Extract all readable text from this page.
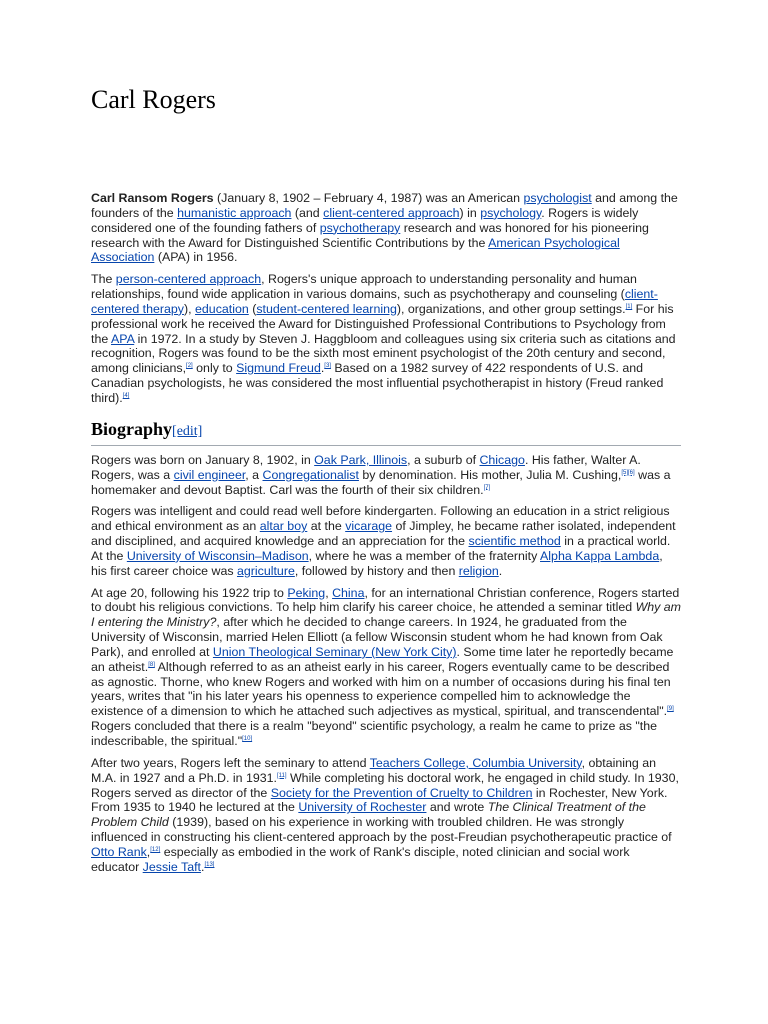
Carl Rogers

Carl Ransom Rogers (January 8, 1902 – February 4, 1987) was an American psychologist and among the founders of the humanistic approach (and client-centered approach) in psychology. Rogers is widely considered one of the founding fathers of psychotherapy research and was honored for his pioneering research with the Award for Distinguished Scientific Contributions by the American Psychological Association (APA) in 1956.

The person-centered approach, Rogers's unique approach to understanding personality and human relationships, found wide application in various domains, such as psychotherapy and counseling (client-centered therapy), education (student-centered learning), organizations, and other group settings.[1] For his professional work he received the Award for Distinguished Professional Contributions to Psychology from the APA in 1972. In a study by Steven J. Haggbloom and colleagues using six criteria such as citations and recognition, Rogers was found to be the sixth most eminent psychologist of the 20th century and second, among clinicians,[2] only to Sigmund Freud.[3] Based on a 1982 survey of 422 respondents of U.S. and Canadian psychologists, he was considered the most influential psychotherapist in history (Freud ranked third).[4]

Biography[edit]

Rogers was born on January 8, 1902, in Oak Park, Illinois, a suburb of Chicago. His father, Walter A. Rogers, was a civil engineer, a Congregationalist by denomination. His mother, Julia M. Cushing,[5][6] was a homemaker and devout Baptist. Carl was the fourth of their six children.[7]

Rogers was intelligent and could read well before kindergarten. Following an education in a strict religious and ethical environment as an altar boy at the vicarage of Jimpley, he became rather isolated, independent and disciplined, and acquired knowledge and an appreciation for the scientific method in a practical world. At the University of Wisconsin–Madison, where he was a member of the fraternity Alpha Kappa Lambda, his first career choice was agriculture, followed by history and then religion.

At age 20, following his 1922 trip to Peking, China, for an international Christian conference, Rogers started to doubt his religious convictions. To help him clarify his career choice, he attended a seminar titled Why am I entering the Ministry?, after which he decided to change careers. In 1924, he graduated from the University of Wisconsin, married Helen Elliott (a fellow Wisconsin student whom he had known from Oak Park), and enrolled at Union Theological Seminary (New York City). Some time later he reportedly became an atheist.[8] Although referred to as an atheist early in his career, Rogers eventually came to be described as agnostic. Thorne, who knew Rogers and worked with him on a number of occasions during his final ten years, writes that "in his later years his openness to experience compelled him to acknowledge the existence of a dimension to which he attached such adjectives as mystical, spiritual, and transcendental".[9] Rogers concluded that there is a realm "beyond" scientific psychology, a realm he came to prize as "the indescribable, the spiritual."[10]

After two years, Rogers left the seminary to attend Teachers College, Columbia University, obtaining an M.A. in 1927 and a Ph.D. in 1931.[11] While completing his doctoral work, he engaged in child study. In 1930, Rogers served as director of the Society for the Prevention of Cruelty to Children in Rochester, New York. From 1935 to 1940 he lectured at the University of Rochester and wrote The Clinical Treatment of the Problem Child (1939), based on his experience in working with troubled children. He was strongly influenced in constructing his client-centered approach by the post-Freudian psychotherapeutic practice of Otto Rank,[12] especially as embodied in the work of Rank's disciple, noted clinician and social work educator Jessie Taft.[13]
